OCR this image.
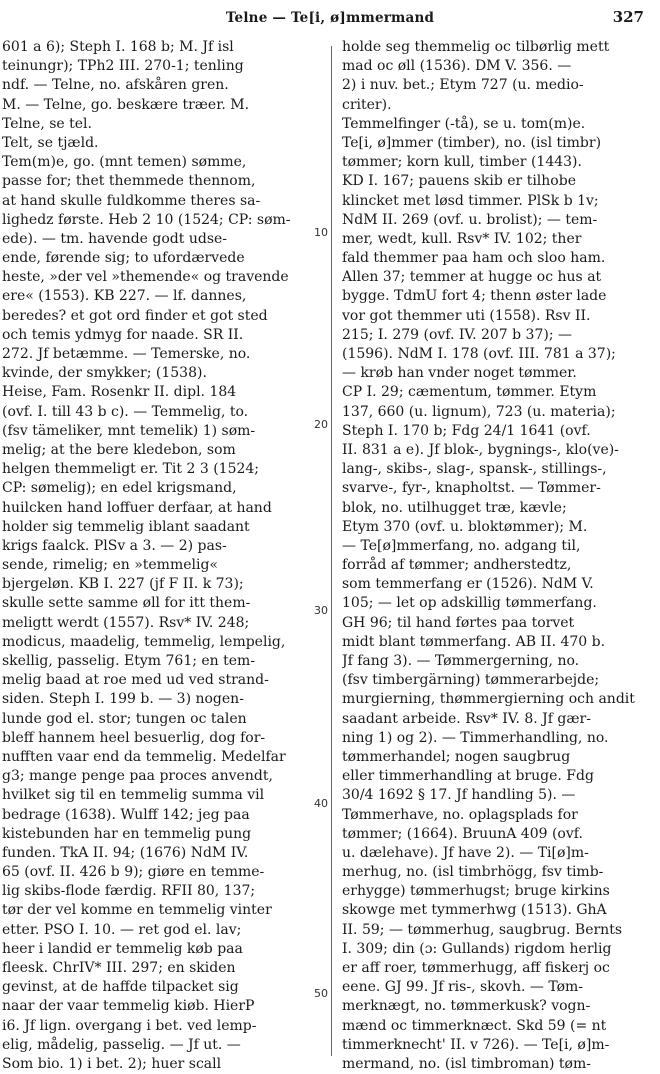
Telne — Te[i, ø]mmermand	327
601 a 6); Steph I. 168 b; M. Jf isl
teinungr); TPh2 III. 270-1; tenling
ndf. — Telne, no. afskåren gren.
M. — Telne, go. beskære træer. M.
Telne, se tel.
Telt, se tjæld.
Tem(m)e, go. (mnt temen) sømme,
passe for; thet themmede thennom,
at hand skulle fuldkomme theres sa-
lighedz første. Heb 2 10 (1524; CP: søm-
ede). — tm. havende godt udse-
ende, førende sig; to ufordærvede
heste, »der vel »themende« og travende
ere« (1553). KB 227. — lf. dannes,
beredes? et got ord finder et got sted
och temis ydmyg for naade. SR II.
272. Jf betæmme. — Temerske, no.
kvinde, der smykker; (1538).
Heise, Fam. Rosenkr II. dipl. 184
(ovf. I. till 43 b c). — Temmelig, to.
(fsv tämeliker, mnt temelik) 1) søm-
melig; at the bere kledebon, som
helgen themmeligt er. Tit 2 3 (1524;
CP: sømelig); en edel krigsmand,
huilcken hand loffuer derfaar, at hand
holder sig temmelig iblant saadant
krigs faalck. PlSv a 3. — 2) pas-
sende, rimelig; en »temmelig«
bjergeløn. KB I. 227 (jf F II. k 73);
skulle sette samme øll for itt them-
meligtt werdt (1557). Rsv* IV. 248;
modicus, maadelig, temmelig, lempelig,
skellig, passelig. Etym 761; en tem-
melig baad at roe med ud ved strand-
siden. Steph I. 199 b. — 3) nogen-
lunde god el. stor; tungen oc talen
bleff hannem heel besuerlig, dog for-
nufften vaar end da temmelig. Medelfar
g3; mange penge paa proces anvendt,
hvilket sig til en temmelig summa vil
bedrage (1638). Wulff 142; jeg paa
kistebunden har en temmelig pung
funden. TkA II. 94; (1676) NdM IV.
65 (ovf. II. 426 b 9); giøre en temme-
lig skibs-flode færdig. RFII 80, 137;
tør der vel komme en temmelig vinter
etter. PSO I. 10. — ret god el. lav;
heer i landid er temmelig køb paa
fleesk. ChrIV* III. 297; en skiden
gevinst, at de haffde tilpacket sig
naar der vaar temmelig kiøb. HierP
i6. Jf lign. overgang i bet. ved lemp-
elig, mådelig, passelig. — Jf ut. —
Som bio. 1) i bet. 2); huer scall
holde seg themmelig oc tilbørlig mett
mad oc øll (1536). DM V. 356. —
2) i nuv. bet.; Etym 727 (u. medio-
criter).
Temmelfinger (-tå), se u. tom(m)e.
Te[i, ø]mmer (timber), no. (isl timbr)
tømmer; korn kull, timber (1443).
KD I. 167; pauens skib er tilhobe
klincket met løsd timmer. PlSk b 1v;
NdM II. 269 (ovf. u. brolist); — tem-
mer, wedt, kull. Rsv* IV. 102; ther
fald themmer paa ham och sloo ham.
Allen 37; temmer at hugge oc hus at
bygge. TdmU fort 4; thenn øster lade
vor got themmer uti (1558). Rsv II.
215; I. 279 (ovf. IV. 207 b 37); —
(1596). NdM I. 178 (ovf. III. 781 a 37);
— krøb han vnder noget tømmer.
CP I. 29; cæmentum, tømmer. Etym
137, 660 (u. lignum), 723 (u. materia);
Steph I. 170 b; Fdg 24/1 1641 (ovf.
II. 831 a e). Jf blok-, bygnings-, klo(ve)-
lang-, skibs-, slag-, spansk-, stillings-,
svarve-, fyr-, knapholtst. — Tømmer-
blok, no. utilhugget træ, kævle;
Etym 370 (ovf. u. bloktømmer); M.
— Te[ø]mmerfang, no. adgang til,
forråd af tømmer; andherstedtz,
som temmerfang er (1526). NdM V.
105; — let op adskillig tømmerfang.
GH 96; til hand førtes paa torvet
midt blant tømmerfang. AB II. 470 b.
Jf fang 3). — Tømmergerning, no.
(fsv timbergärning) tømmerarbejde;
murgierning, thømmergierning och andit
saadant arbeide. Rsv* IV. 8. Jf gær-
ning 1) og 2). — Timmerhandling, no.
tømmerhandel; nogen saugbrug
eller timmerhandling at bruge. Fdg
30/4 1692 § 17. Jf handling 5). —
Tømmerhave, no. oplagsplads for
tømmer; (1664). BruunA 409 (ovf.
u. dælehave). Jf have 2). — Ti[ø]m-
merhug, no. (isl timbrhögg, fsv timb-
erhygge) tømmerhugst; bruge kirkins
skowge met tymmerhwg (1513). GhA
II. 59; — tømmerhug, saugbrug. Bernts
I. 309; din (ɔ: Gullands) rigdom herlig
er aff roer, tømmerhugg, aff fiskerj oc
eene. GJ 99. Jf ris-, skovh. — Tøm-
merknægt, no. tømmerkusk? vogn-
mænd oc timmerknæct. Skd 59 (= nt
timmerknecht' II. v 726). — Te[i, ø]m-
mermand, no. (isl timbroman) tøm-
10
20
30
40
50
